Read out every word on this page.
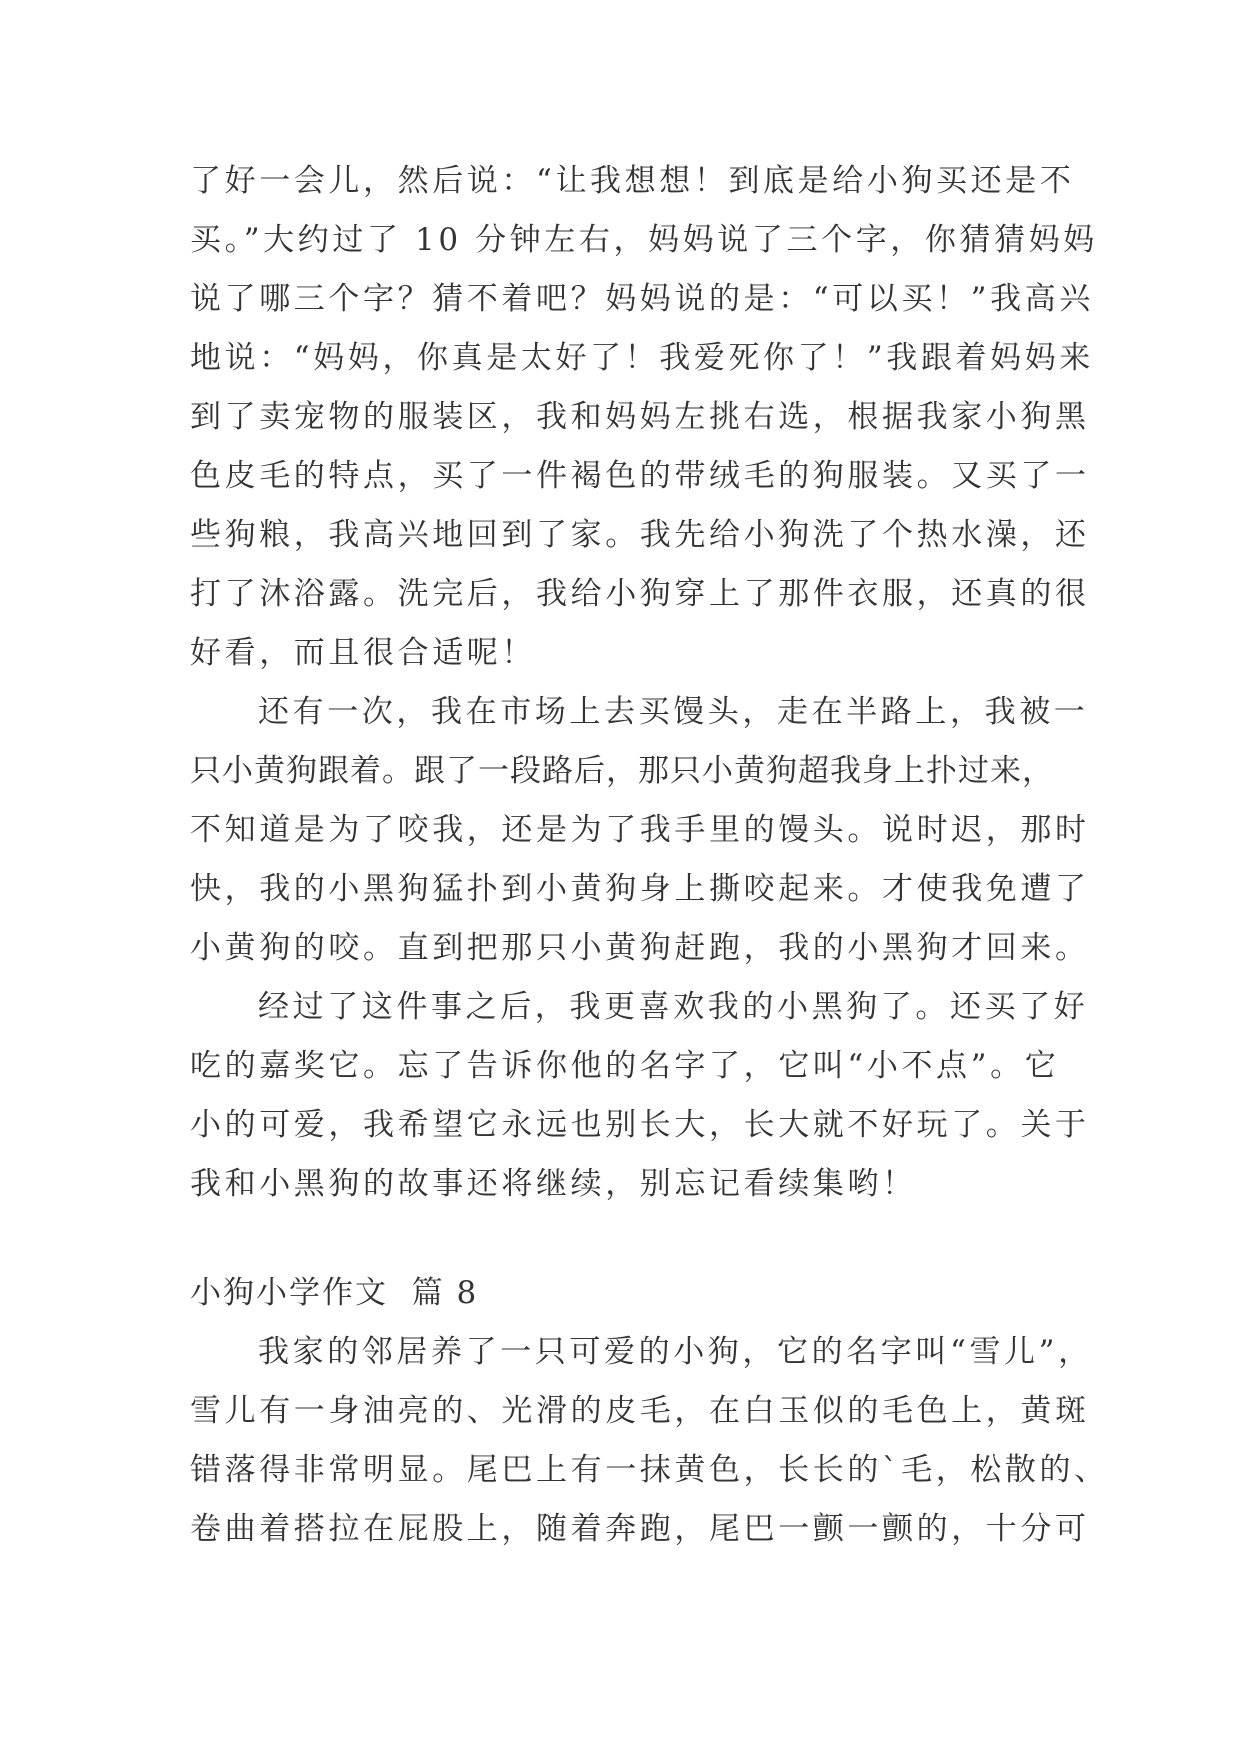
了好一会儿，然后说：“让我想想！到底是给小狗买还是不
买。”大约过了 10 分钟左右，妈妈说了三个字，你猜猜妈妈
说了哪三个字？猜不着吧？妈妈说的是：“可以买！”我高兴
地说：“妈妈，你真是太好了！我爱死你了！”我跟着妈妈来
到了卖宠物的服装区，我和妈妈左挑右选，根据我家小狗黑
色皮毛的特点，买了一件褐色的带绒毛的狗服装。又买了一
些狗粮，我高兴地回到了家。我先给小狗洗了个热水澡，还
打了沐浴露。洗完后，我给小狗穿上了那件衣服，还真的很
好看，而且很合适呢！
还有一次，我在市场上去买馒头，走在半路上，我被一
只小黄狗跟着。跟了一段路后，那只小黄狗超我身上扑过来，
不知道是为了咬我，还是为了我手里的馒头。说时迟，那时
快，我的小黑狗猛扑到小黄狗身上撕咬起来。才使我免遭了
小黄狗的咬。直到把那只小黄狗赶跑，我的小黑狗才回来。
经过了这件事之后，我更喜欢我的小黑狗了。还买了好
吃的嘉奖它。忘了告诉你他的名字了，它叫“小不点”。它
小的可爱，我希望它永远也别长大，长大就不好玩了。关于
我和小黑狗的故事还将继续，别忘记看续集哟！
小狗小学作文  篇 8
我家的邻居养了一只可爱的小狗，它的名字叫“雪儿”，
雪儿有一身油亮的、光滑的皮毛，在白玉似的毛色上，黄斑
错落得非常明显。尾巴上有一抹黄色，长长的`毛，松散的、
卷曲着搭拉在屁股上，随着奔跑，尾巴一颤一颤的，十分可
